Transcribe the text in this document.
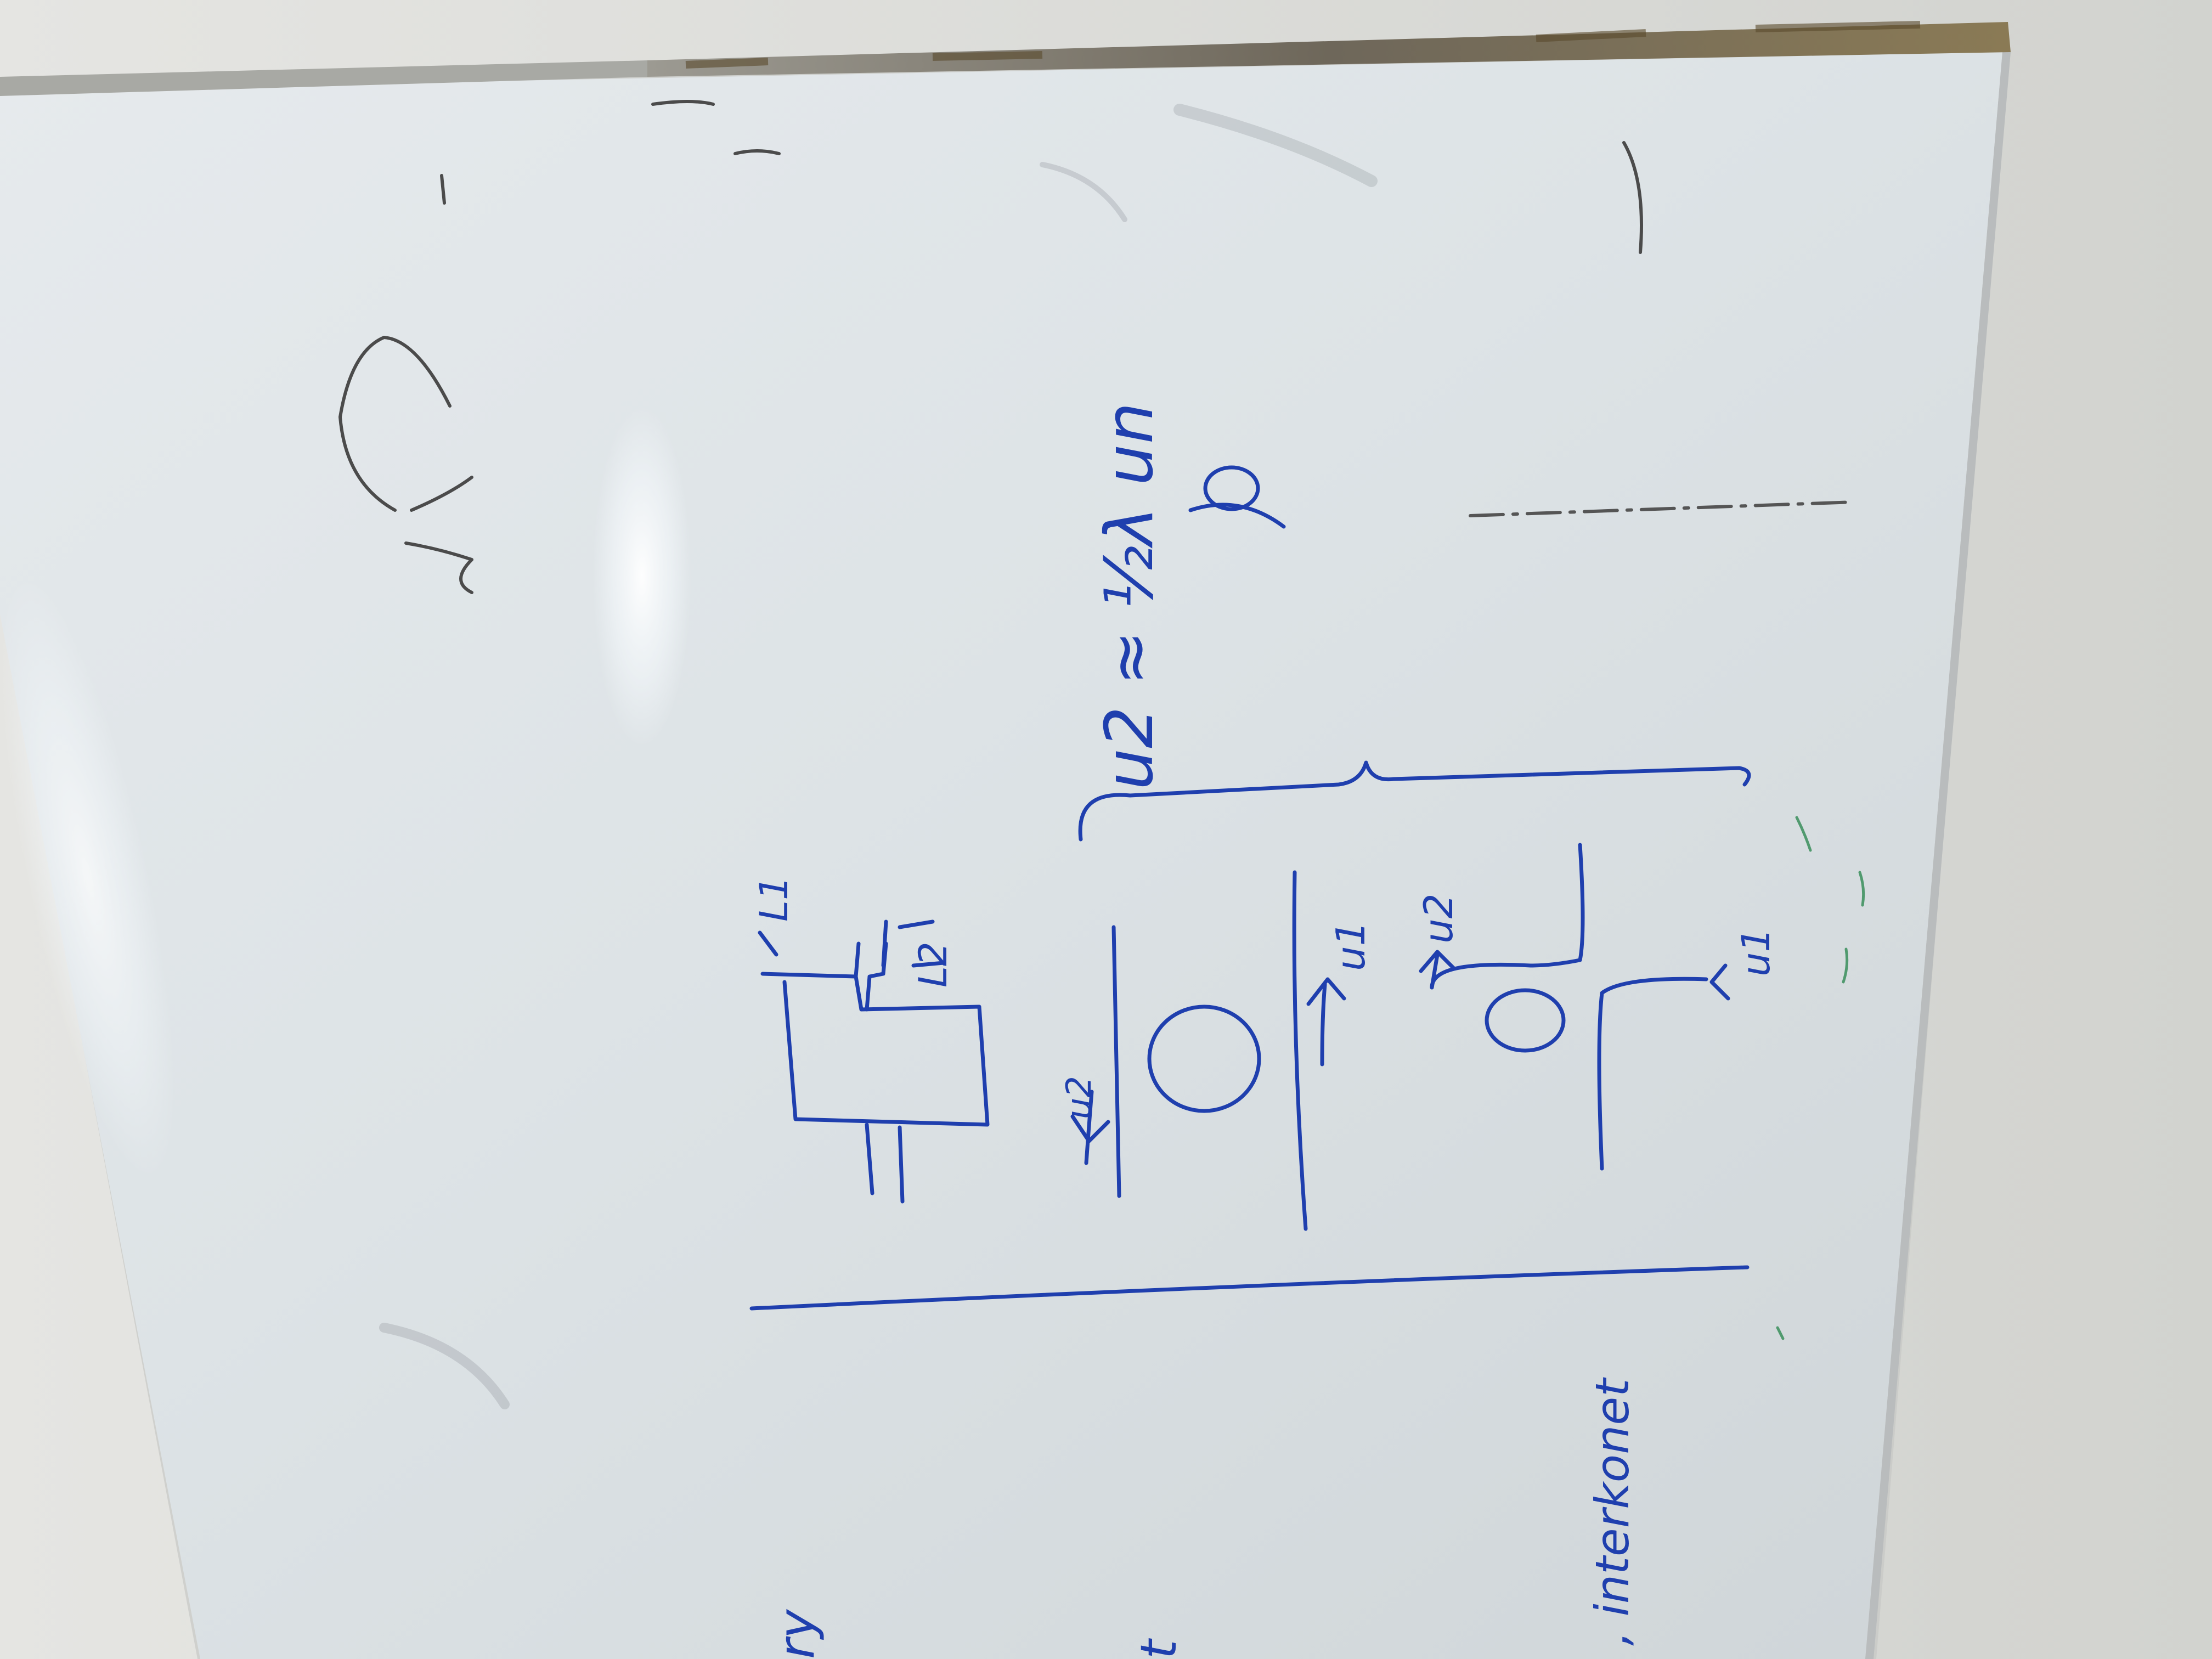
L1
L2
u2
u1
u2
u1
u2 ≈ ½λ un
, interkonet
ry	t
